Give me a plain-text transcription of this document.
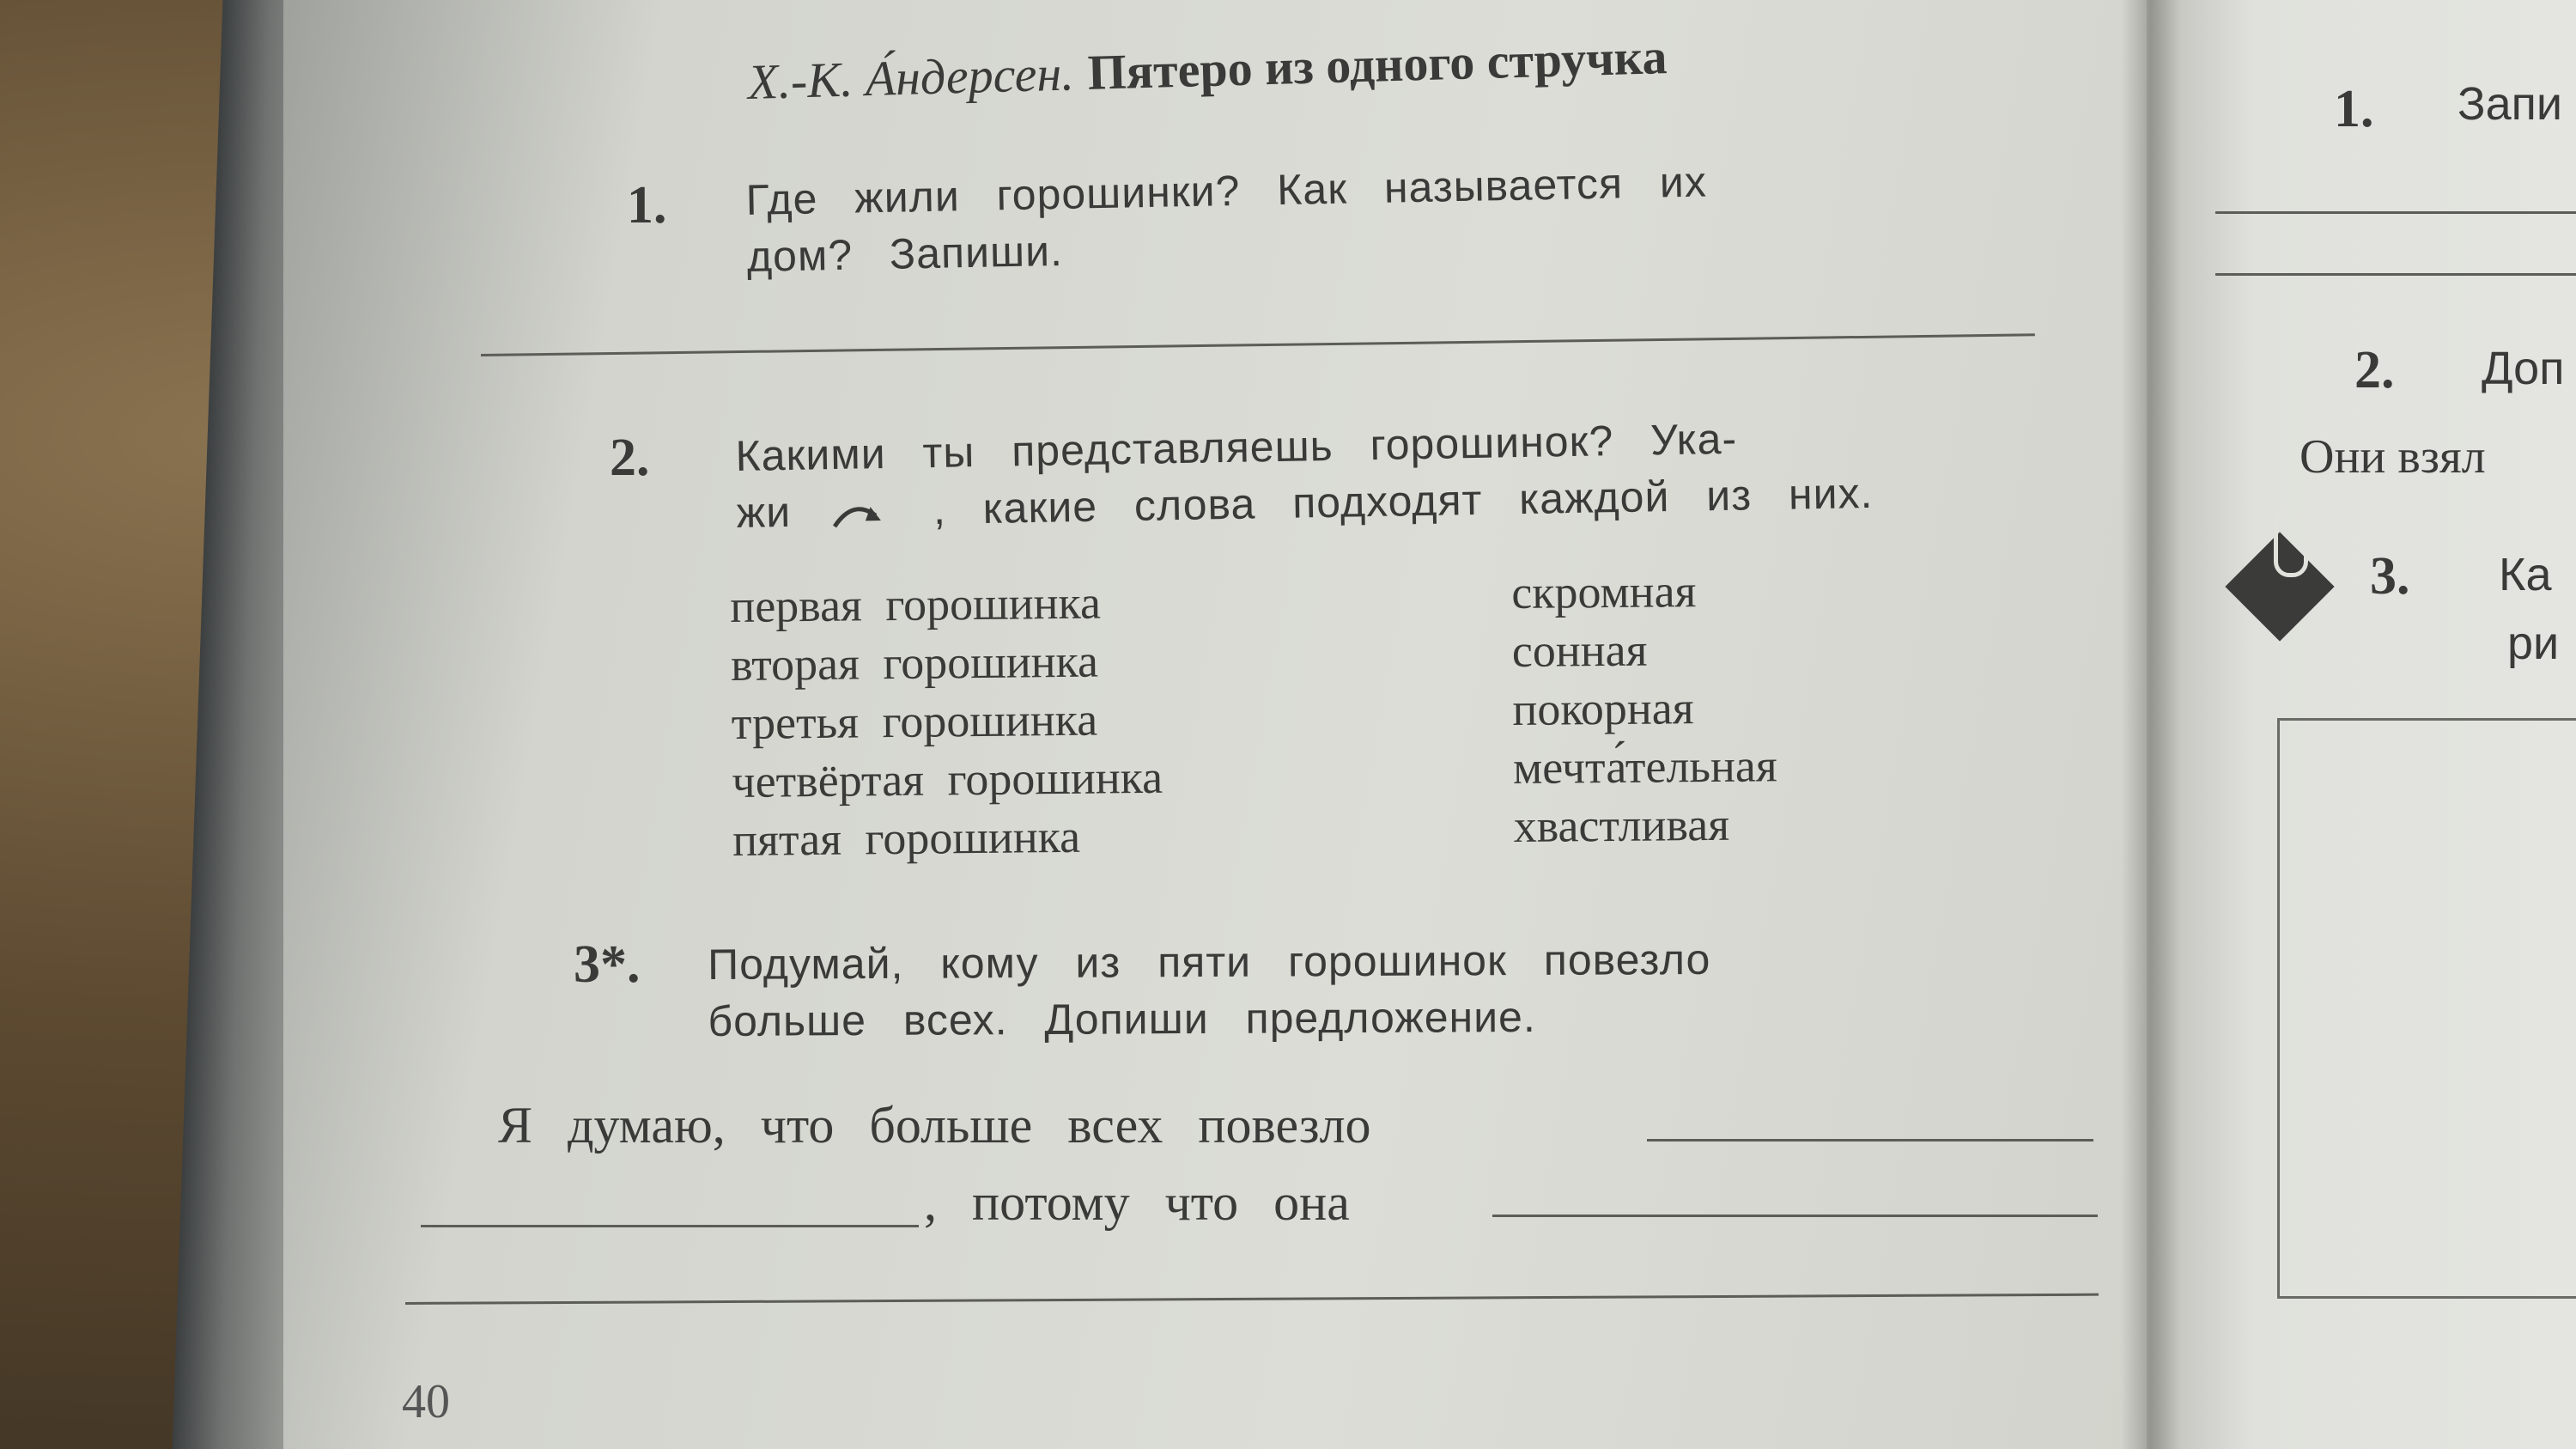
Х.-К. А́ндерсен. Пятеро из одного стручка
1. Где жили горошинки? Как называется их
дом? Запиши.
2. Какими ты представляешь горошинок? Ука-
жи	, какие слова подходят каждой из них.
первая горошинка
вторая горошинка
третья горошинка
четвёртая горошинка
пятая горошинка
скромная
сонная
покорная
мечта́тельная
хвастливая
3*. Подумай, кому из пяти горошинок повезло
больше всех. Допиши предложение.
Я думаю, что больше всех повезло
, потому что она
40
1. Запи
2. Доп
Они взял
3. Ка
ри
